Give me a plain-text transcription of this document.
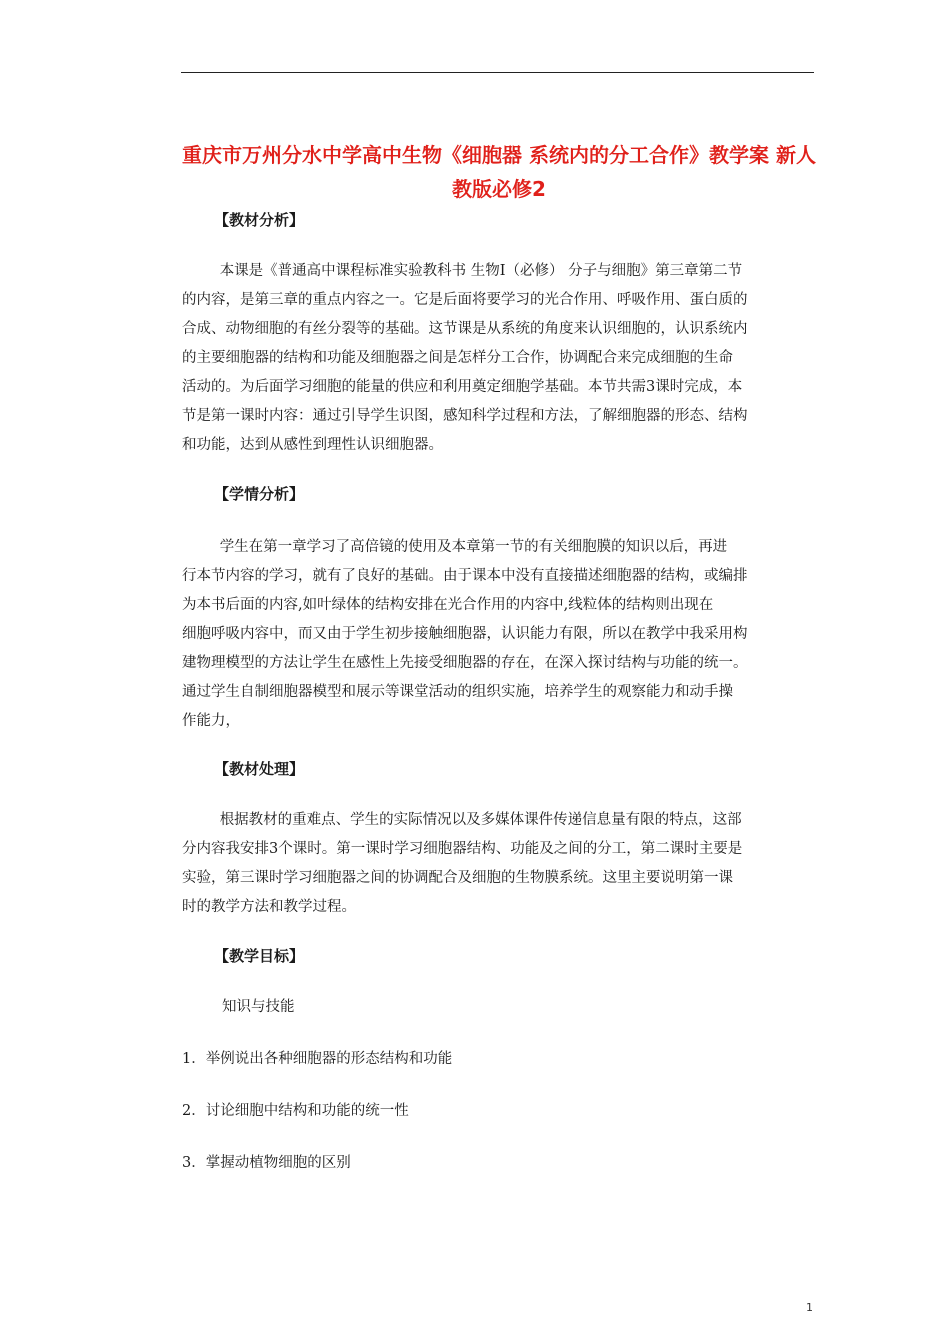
重庆市万州分水中学高中生物《细胞器 系统内的分工合作》教学案 新人教版必修2
【教材分析】

本课是《普通高中课程标准实验教科书 生物Ⅰ（必修） 分子与细胞》第三章第二节
的内容，是第三章的重点内容之一。它是后面将要学习的光合作用、呼吸作用、蛋白质的
合成、动物细胞的有丝分裂等的基础。这节课是从系统的角度来认识细胞的，认识系统内
的主要细胞器的结构和功能及细胞器之间是怎样分工合作，协调配合来完成细胞的生命
活动的。为后面学习细胞的能量的供应和利用奠定细胞学基础。本节共需3课时完成，本
节是第一课时内容：通过引导学生识图，感知科学过程和方法，了解细胞器的形态、结构
和功能，达到从感性到理性认识细胞器。

【学情分析】

学生在第一章学习了高倍镜的使用及本章第一节的有关细胞膜的知识以后，再进
行本节内容的学习，就有了良好的基础。由于课本中没有直接描述细胞器的结构，或编排
为本书后面的内容,如叶绿体的结构安排在光合作用的内容中,线粒体的结构则出现在
细胞呼吸内容中，而又由于学生初步接触细胞器，认识能力有限，所以在教学中我采用构
建物理模型的方法让学生在感性上先接受细胞器的存在，在深入探讨结构与功能的统一。
通过学生自制细胞器模型和展示等课堂活动的组织实施，培养学生的观察能力和动手操
作能力，

【教材处理】

根据教材的重难点、学生的实际情况以及多媒体课件传递信息量有限的特点，这部
分内容我安排3个课时。第一课时学习细胞器结构、功能及之间的分工，第二课时主要是
实验，第三课时学习细胞器之间的协调配合及细胞的生物膜系统。这里主要说明第一课
时的教学方法和教学过程。

【教学目标】

知识与技能

1．举例说出各种细胞器的形态结构和功能

2．讨论细胞中结构和功能的统一性

3．掌握动植物细胞的区别

1
